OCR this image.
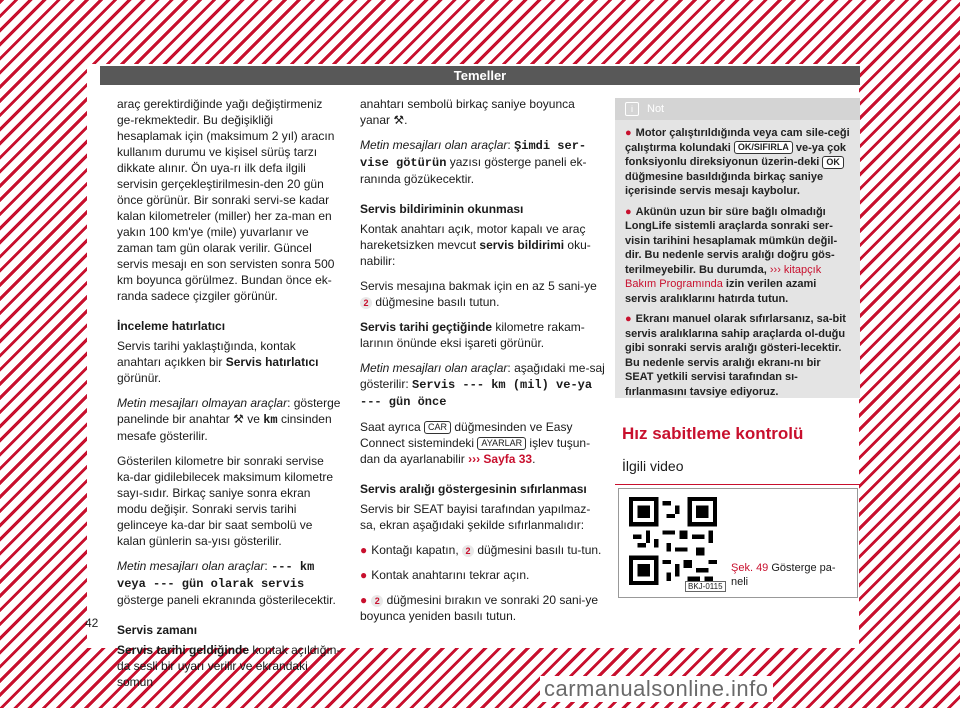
Temeller
42

araç gerektirdiğinde yağı değiştirmeniz ge-rekmektedir. Bu değişikliği hesaplamak için (maksimum 2 yıl) aracın kullanım durumu ve kişisel sürüş tarzı dikkate alınır. Ön uya-rı ilk defa ilgili servisin gerçekleştirilmesin-den 20 gün önce görünür. Bir sonraki servi-se kadar kalan kilometreler (miller) her za-man en yakın 100 km'ye (mile) yuvarlanır ve zaman tam gün olarak verilir. Güncel servis mesajı en son servisten sonra 500 km boyunca görülmez. Bundan önce ek-randa sadece çizgiler görünür.

İnceleme hatırlatıcı

Servis tarihi yaklaştığında, kontak anahtarı açıkken bir Servis hatırlatıcı görünür.

Metin mesajları olmayan araçlar: gösterge panelinde bir anahtar ⚒ ve km cinsinden mesafe gösterilir.

Gösterilen kilometre bir sonraki servise ka-dar gidilebilecek maksimum kilometre sayı-sıdır. Birkaç saniye sonra ekran modu değişir. Sonraki servis tarihi gelinceye ka-dar bir saat sembolü ve kalan günlerin sa-yısı gösterilir.

Metin mesajları olan araçlar: --- km veya --- gün olarak servis gösterge paneli ekranında gösterilecektir.

Servis zamanı

Servis tarihi geldiğinde kontak açıldığın-da sesli bir uyarı verilir ve ekrandaki somun

anahtarı sembolü birkaç saniye boyunca yanar ⚒.

Metin mesajları olan araçlar: Şimdi ser-vise götürün yazısı gösterge paneli ek-ranında gözükecektir.

Servis bildiriminin okunması

Kontak anahtarı açık, motor kapalı ve araç hareketsizken mevcut servis bildirimi oku-nabilir:

Servis mesajına bakmak için en az 5 sani-ye 2 düğmesine basılı tutun.

Servis tarihi geçtiğinde kilometre rakam-larının önünde eksi işareti görünür.

Metin mesajları olan araçlar: aşağıdaki me-saj gösterilir: Servis --- km (mil) ve-ya --- gün önce

Saat ayrıca CAR düğmesinden ve Easy Connect sistemindeki AYARLAR işlev tuşun-dan da ayarlanabilir ››› Sayfa 33.

Servis aralığı göstergesinin sıfırlanması

Servis bir SEAT bayisi tarafından yapılmaz-sa, ekran aşağıdaki şekilde sıfırlanmalıdır:

● Kontağı kapatın, 2 düğmesini basılı tu-tun.

● Kontak anahtarını tekrar açın.

● 2 düğmesini bırakın ve sonraki 20 sani-ye boyunca yeniden basılı tutun.

i Not

● Motor çalıştırıldığında veya cam sile-ceği çalıştırma kolundaki OK/SIFIRLA ve-ya çok fonksiyonlu direksiyonun üzerin-deki OK düğmesine basıldığında birkaç saniye içerisinde servis mesajı kaybolur.

● Akünün uzun bir süre bağlı olmadığı LongLife sistemli araçlarda sonraki ser-visin tarihini hesaplamak mümkün değil-dir. Bu nedenle servis aralığı doğru gös-terilmeyebilir. Bu durumda, ››› kitapçık Bakım Programında izin verilen azami servis aralıklarını hatırda tutun.

● Ekranı manuel olarak sıfırlarsanız, sa-bit servis aralıklarına sahip araçlarda ol-duğu gibi sonraki servis aralığı gösteri-lecektir. Bu nedenle servis aralığı ekranı-nı bir SEAT yetkili servisi tarafından sı-fırlanmasını tavsiye ediyoruz.

Hız sabitleme kontrolü
İlgili video
BKJ-0115
Şek. 49 Gösterge pa-neli
carmanualsonline.info
